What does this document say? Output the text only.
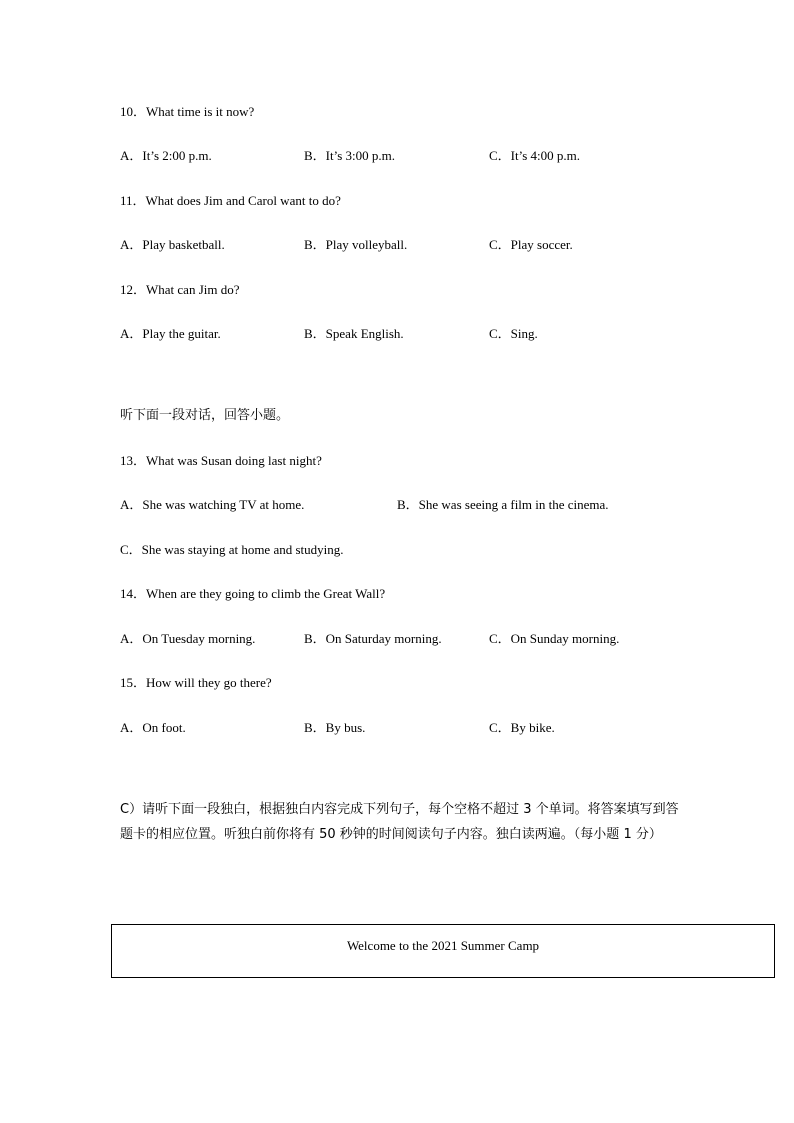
10．What time is it now?
A．It’s 2:00 p.m.	B．It’s 3:00 p.m.	C．It’s 4:00 p.m.
11．What does Jim and Carol want to do?
A．Play basketball.	B．Play volleyball.	C．Play soccer.
12．What can Jim do?
A．Play the guitar.	B．Speak English.	C．Sing.
听下面一段对话，回答小题。
13．What was Susan doing last night?
A．She was watching TV at home.	B．She was seeing a film in the cinema.
C．She was staying at home and studying.
14．When are they going to climb the Great Wall?
A．On Tuesday morning.	B．On Saturday morning.	C．On Sunday morning.
15．How will they go there?
A．On foot.	B．By bus.	C．By bike.
C）请听下面一段独白，根据独白内容完成下列句子，每个空格不超过 3 个单词。将答案填写到答题卡的相应位置。听独白前你将有 50 秒钟的时间阅读句子内容。独白读两遍。（每小题 1 分）
Welcome to the 2021 Summer Camp
